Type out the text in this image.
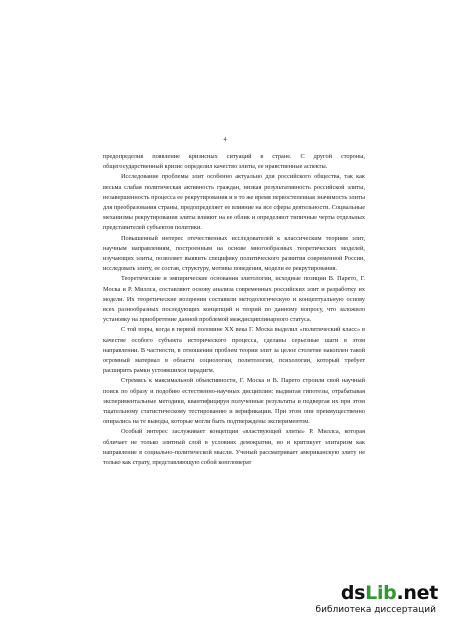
4

предопределив появление кризисных ситуаций в стране. С другой стороны, общегосударственный кризис определил качество элиты, ее нравственные аспекты.

Исследование проблемы элит особенно актуально для российского общества, так как весьма слабая политическая активность граждан, низкая результативность российской элиты, незавершенность процесса ее рекрутирования и в то же время первостепенная значимость элиты для преобразования страны, предопределяет ее влияние на все сферы деятельности. Социальные механизмы рекрутирования элиты влияют на ее облик и определяют типичные черты отдельных представителей субъектов политики.

Повышенный интерес отечественных исследователей к классическим теориям элит, научным направлениям, построенным на основе многообразных теоретических моделей, изучающих элиты, позволяет выявить специфику политического развития современной России, исследовать элиту, ее состав, структуру, мотивы поведения, модели ее рекрутирования.

Теоретические и эмпирические основания элитологии, исходные позиции В. Парето, Г. Моска и Р. Миллса, составляют основу анализа современных российских элит и разработку их модели. Их теоретические воззрения составили методологическую и концептуальную основу всех разнообразных последующих концепций и теорий по данному вопросу, что заложило установку на приобретение данной проблемой междисциплинарного статуса.

С той поры, когда в первой половине XX века Г. Моска выделил «политический класс» в качестве особого субъекта исторического процесса, сделаны серьезные шаги в этом направлении. В частности, в отношении проблем теории элит за целое столетие накоплен такой огромный материал в области социологии, политологии, психологии, который требует расширить рамки устоявшихся парадигм.

Стремясь к максимальной объективности, Г. Моска и В. Парето строили свой научный поиск по образу и подобию естественно-научных дисциплин: выдвигая гипотезы, отрабатывая экспериментальные методики, квантифицируя полученные результаты и подвергая их при этом тщательному статистическому тестированию и верификации. При этом они преимущественно опирались на те выводы, которые могли быть подтверждены экспериментом.

Особый интерес заслуживает концепция «властвующей элиты» Р. Миллса, которая обличает не только элитный слой в условиях демократии, но и критикует элитаризм как направление в социально-политической мысли. Ученый рассматривает американскую элиту не только как страту, представляющую собой конгломерат

dsLib.net
библиотека диссертаций
